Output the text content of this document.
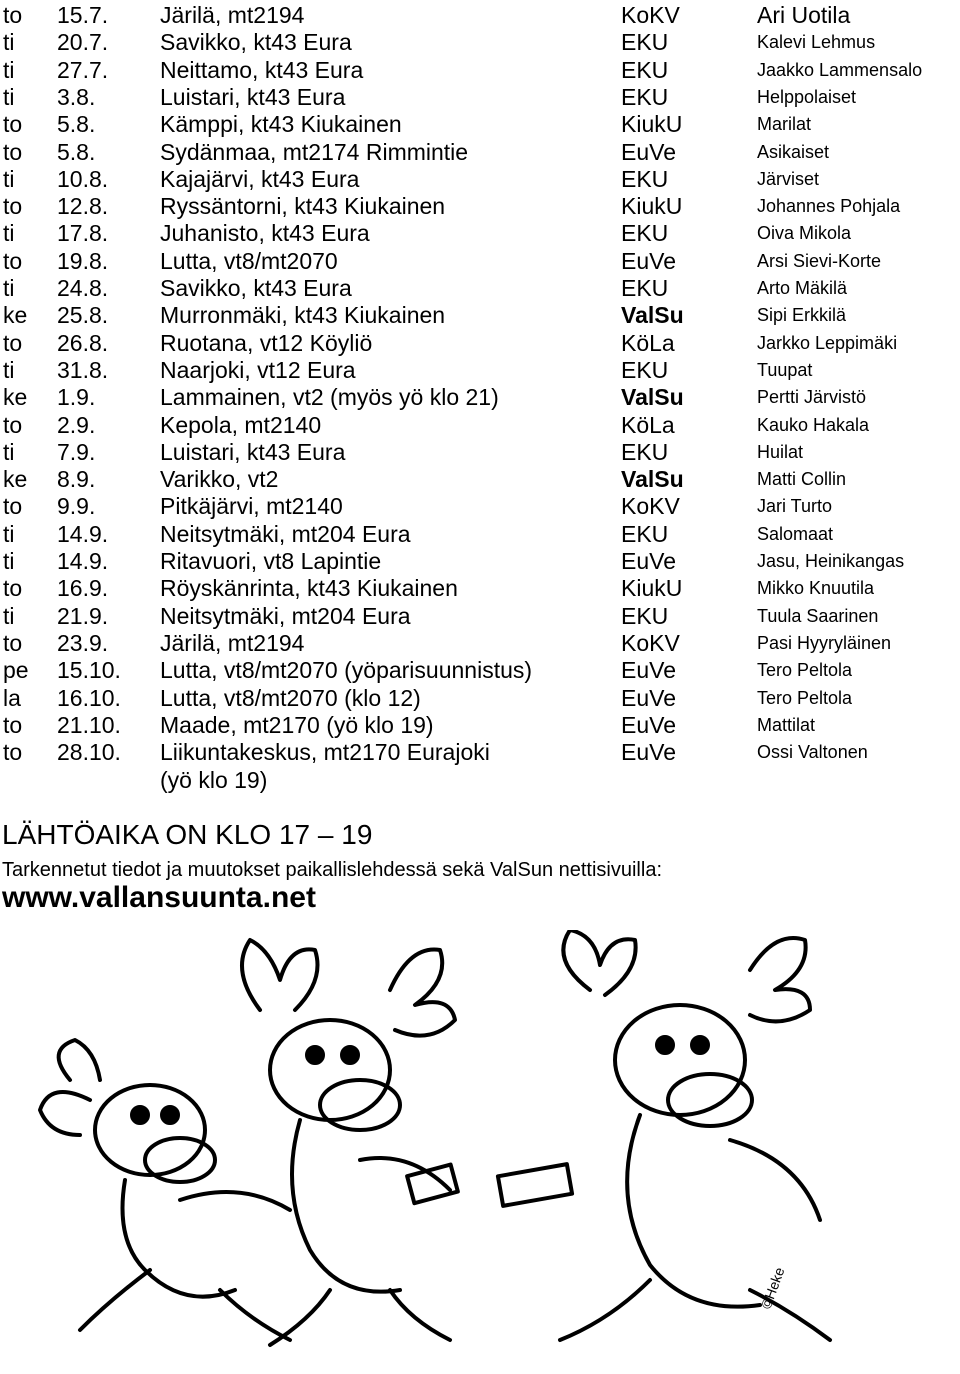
to 15.7. Järilä, mt2194	KoKV	Ari Uotila
ti 20.7. Savikko, kt43 Eura	EKU	Kalevi Lehmus
ti 27.7. Neittamo, kt43 Eura	EKU	Jaakko Lammensalo
ti 3.8.	Luistari, kt43 Eura	EKU	Helppolaiset
to 5.8.	Kämppi, kt43 Kiukainen	KiukU	Marilat
to 5.8.	Sydänmaa, mt2174 Rimmintie	EuVe	Asikaiset
ti 10.8. Kajajärvi, kt43 Eura	EKU	Järviset
to 12.8. Ryssäntorni, kt43 Kiukainen	KiukU	Johannes Pohjala
ti 17.8. Juhanisto, kt43 Eura	EKU	Oiva Mikola
to 19.8. Lutta, vt8/mt2070	EuVe	Arsi Sievi-Korte
ti 24.8. Savikko, kt43 Eura	EKU	Arto Mäkilä
ke 25.8. Murronmäki, kt43 Kiukainen	ValSu	Sipi Erkkilä
to 26.8. Ruotana, vt12 Köyliö	KöLa	Jarkko Leppimäki
ti 31.8. Naarjoki, vt12 Eura	EKU	Tuupat
ke 1.9.	Lammainen, vt2 (myös yö klo 21)	ValSu	Pertti Järvistö
to 2.9.	Kepola, mt2140	KöLa	Kauko Hakala
ti 7.9.	Luistari, kt43 Eura	EKU	Huilat
ke 8.9.	Varikko, vt2	ValSu	Matti Collin
to 9.9.	Pitkäjärvi, mt2140	KoKV	Jari Turto
ti 14.9. Neitsytmäki, mt204 Eura	EKU	Salomaat
ti 14.9. Ritavuori, vt8 Lapintie	EuVe	Jasu, Heinikangas
to 16.9. Röyskänrinta, kt43 Kiukainen	KiukU	Mikko Knuutila
ti 21.9. Neitsytmäki, mt204 Eura	EKU	Tuula Saarinen
to 23.9. Järilä, mt2194	KoKV	Pasi Hyyryläinen
pe 15.10. Lutta, vt8/mt2070 (yöparisuunnistus)	EuVe	Tero Peltola
la 16.10. Lutta, vt8/mt2070 (klo 12)	EuVe	Tero Peltola
to 21.10. Maade, mt2170 (yö klo 19)	EuVe	Mattilat
to 28.10. Liikuntakeskus, mt2170 Eurajoki	EuVe	Ossi Valtonen
(yö klo 19)
LÄHTÖAIKA ON KLO 17 – 19
Tarkennetut tiedot ja muutokset paikallislehdessä sekä ValSun nettisivuilla:
www.vallansuunta.net
©Heke
